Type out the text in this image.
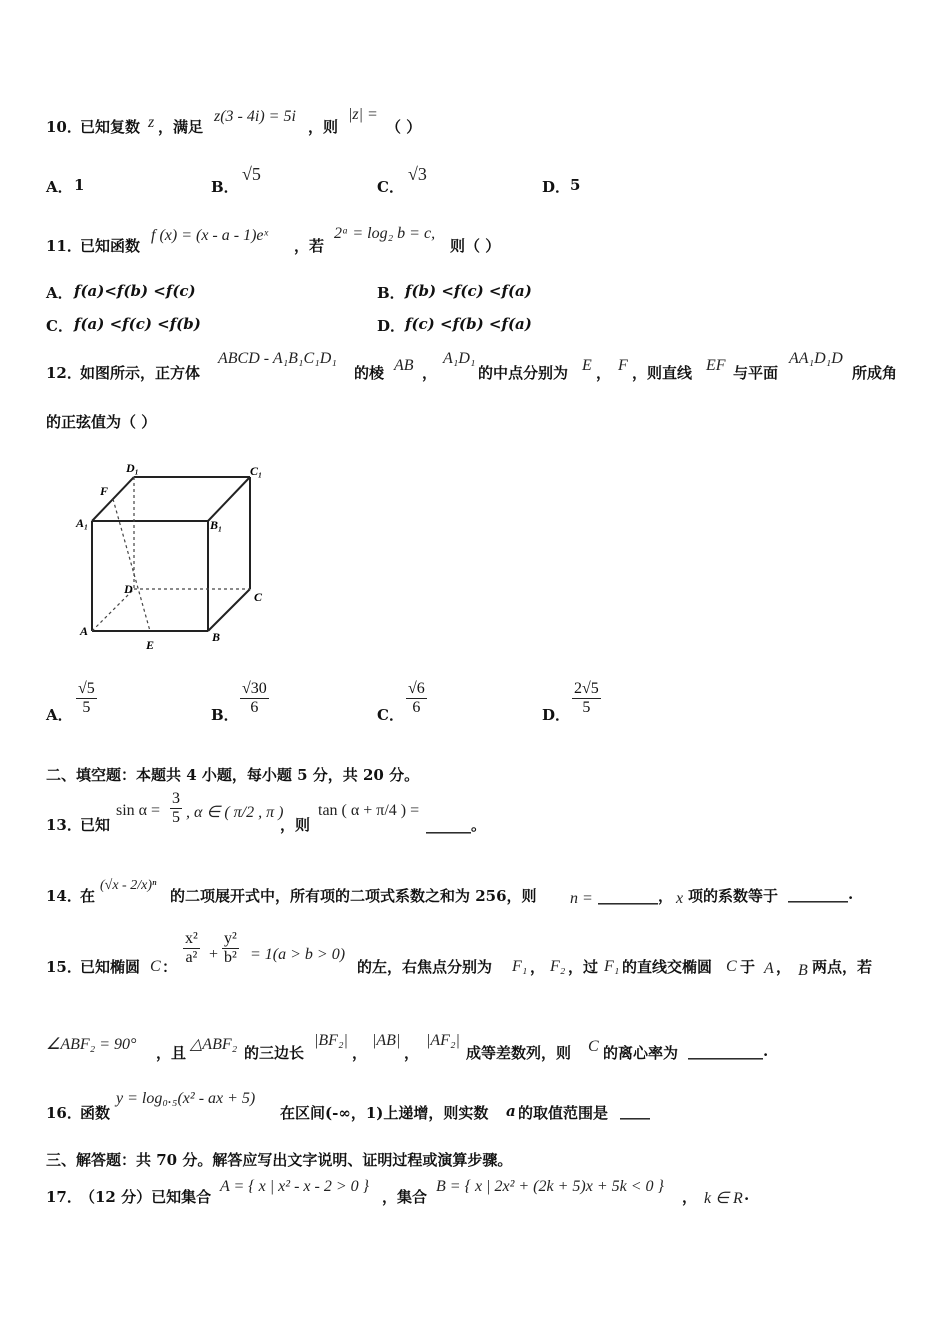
10．
已知复数 z ，满足
z(3 - 4i) = 5i
，则
|z| =
（ ）
A． 1	B．
√5
C．
√3
D． 5
11．
已知函数
f (x) = (x - a - 1)eˣ
，若
2ᵃ = log₂ b = c,
则（ ）
A． f(a)<f(b) <f(c)	B． f(b) <f(c) <f(a)
C． f(a) <f(c) <f(b)	D． f(c) <f(b) <f(a)
12．
如图所示，正方体
ABCD - A₁B₁C₁D₁
的棱 AB ，
A₁D₁
的中点分别为 E ， F ，则直线 EF 与平面
AA₁D₁D
所成角
的正弦值为（ ）
D₁	C₁
F
A₁	B₁
D
C
A	B
E
A． $\frac{√5}{5}$	B． $\frac{√30}{6}$	C． $\frac{√6}{6}$	D． $\frac{2√5}{5}$
二、填空题：本题共 4 小题，每小题 5 分，共 20 分。
13．
已知
$\sin \alpha = \frac{3}{5}$ , α ∈ ( π/2 , π )
，则
tan ( α + π/4 ) =
______。
14．
在
(√x - 2/x)ⁿ
的二项展开式中，所有项的二项式系数之和为 256，则 n = ________， x 项的系数等于 ________.
15．
已知椭圆 C ： $\frac{\text{x²}}{\text{a²}} + \frac{\text{y²}}{\text{b²}} = 1(a > b > 0)$
的左，右焦点分别为 F₁ ， F₂ ，过 F₁ 的直线交椭圆 C 于 A ， B 两点，若
∠ABF₂ = 90° ，且 △ABF₂ 的三边长
|BF₂|
，
|AB|
，
|AF₂|
成等差数列，则 C 的离心率为 __________.
16．
函数
y = log₀.₅(x² - ax + 5)
在区间(-∞，1)上递增，则实数 a 的取值范围是 ____
三、解答题：共 70 分。解答应写出文字说明、证明过程或演算步骤。
17．
（12 分）已知集合
A = { x | x² - x - 2 > 0 }
，集合
B = { x | 2x² + (2k + 5)x + 5k < 0 }
， k ∈ R .
